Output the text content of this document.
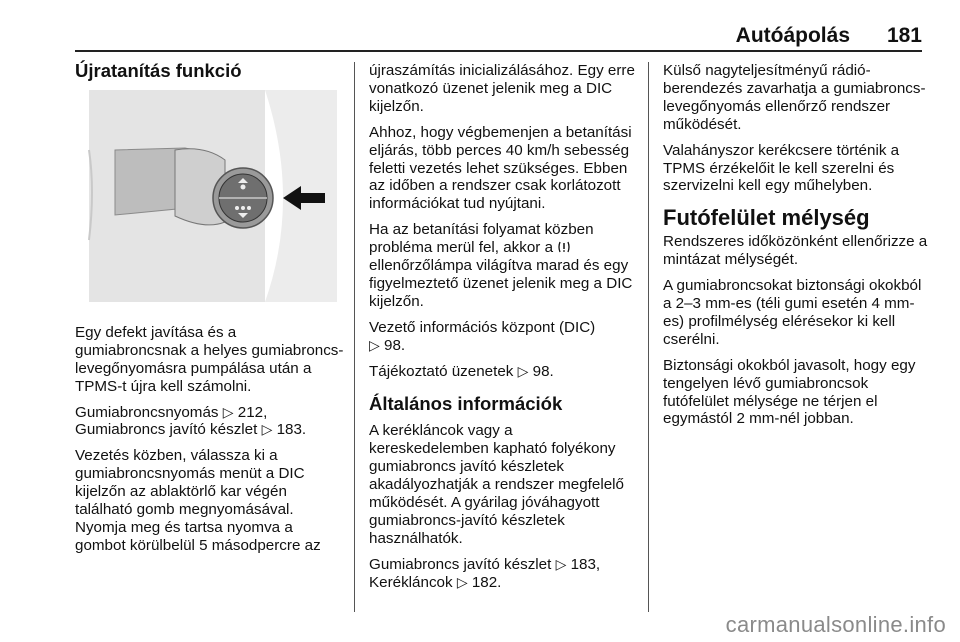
Autóápolás 181
Újratanítás funkció

Egy defekt javítása és a gumiabroncsnak a helyes gumiabroncs-levegőnyomásra pumpálása után a TPMS-t újra kell számolni.

Gumiabroncsnyomás ▷ 212, Gumiabroncs javító készlet ▷ 183.

Vezetés közben, válassza ki a gumiabroncsnyomás menüt a DIC kijelzőn az ablaktörlő kar végén található gomb megnyomásával. Nyomja meg és tartsa nyomva a gombot körülbelül 5 másodpercre az

újraszámítás inicializálásához. Egy erre vonatkozó üzenet jelenik meg a DIC kijelzőn.

Ahhoz, hogy végbemenjen a betanítási eljárás, több perces 40 km/h sebesség feletti vezetés lehet szükséges. Ebben az időben a rendszer csak korlátozott információkat tud nyújtani.

Ha az betanítási folyamat közben probléma merül fel, akkor a  ellenőrzőlámpa világítva marad és egy figyelmeztető üzenet jelenik meg a DIC kijelzőn.

Vezető információs központ (DIC)
▷ 98.

Tájékoztató üzenetek ▷ 98.

Általános információk

A kerékláncok vagy a kereskedelemben kapható folyékony gumiabroncs javító készletek akadályozhatják a rendszer megfelelő működését. A gyárilag jóváhagyott gumiabroncs-javító készletek használhatók.

Gumiabroncs javító készlet ▷ 183,
Kerékláncok ▷ 182.

Külső nagyteljesítményű rádió-berendezés zavarhatja a gumiabroncs-levegőnyomás ellenőrző rendszer működését.

Valahányszor kerékcsere történik a TPMS érzékelőit le kell szerelni és szervizelni kell egy műhelyben.

Futófelület mélység

Rendszeres időközönként ellenőrizze a mintázat mélységét.

A gumiabroncsokat biztonsági okokból a 2–3 mm-es (téli gumi esetén 4 mm-es) profilmélység elérésekor ki kell cserélni.

Biztonsági okokból javasolt, hogy egy tengelyen lévő gumiabroncsok futófelület mélysége ne térjen el egymástól 2 mm-nél jobban.

carmanualsonline.info
